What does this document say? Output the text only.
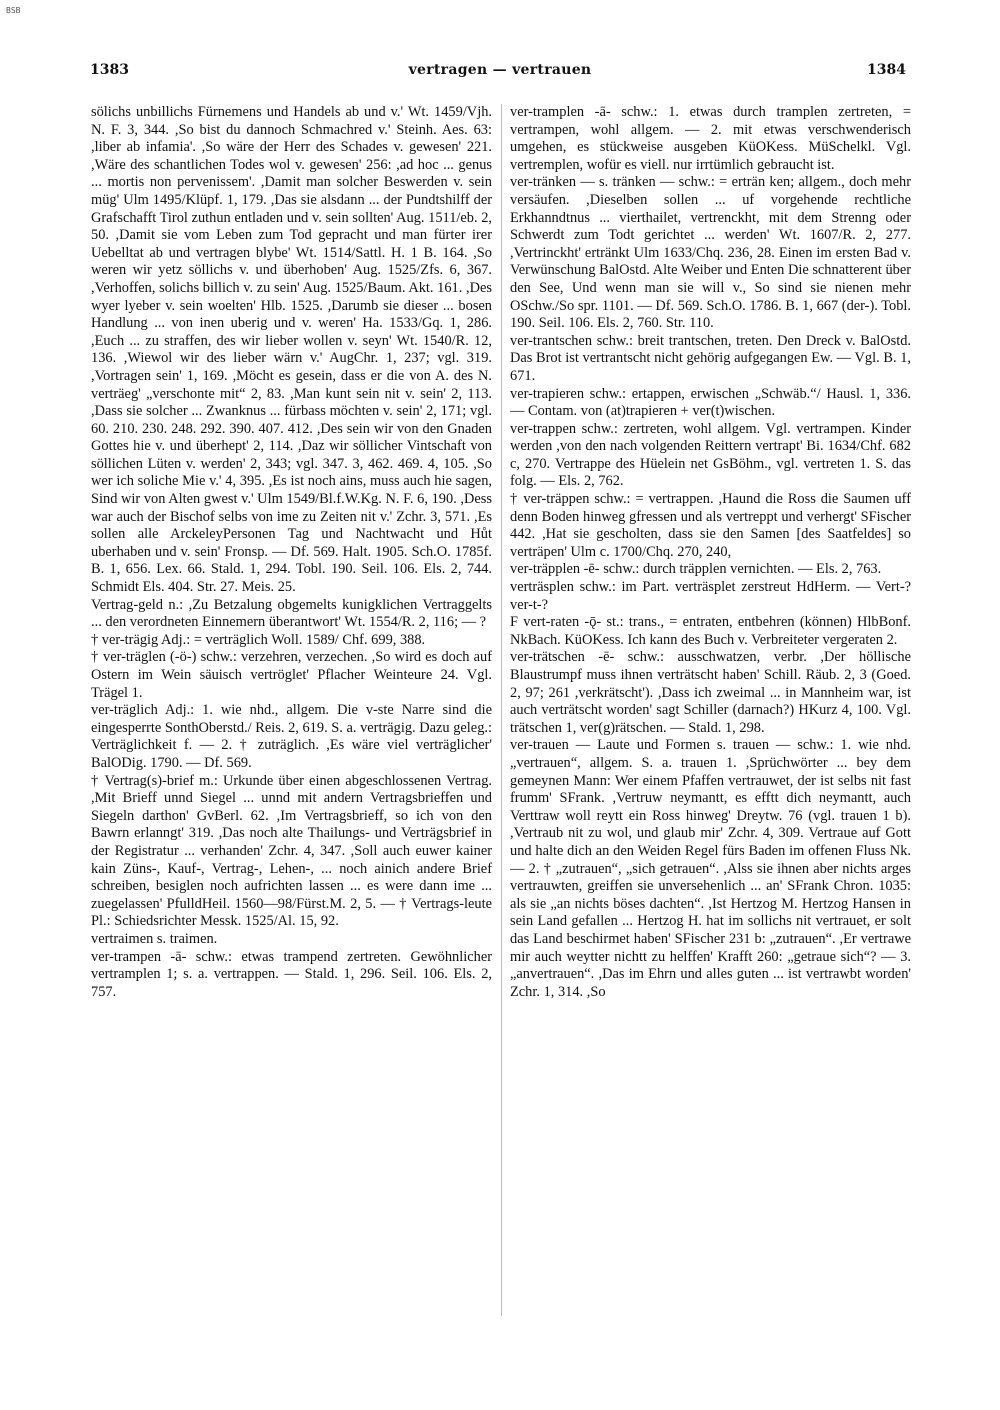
BSB
1383	vertragen — vertrauen	1384

sölichs unbillichs Fürnemens und Handels ab und v.' Wt. 1459/Vjh. N. F. 3, 344. ,So bist du dannoch Schmachred v.' Steinh. Aes. 63: ,liber ab infamia'. ,So wäre der Herr des Schades v. gewesen' 221. ,Wäre des schantlichen Todes wol v. gewesen' 256: ,ad hoc ... genus ... mortis non pervenissem'. ,Damit man solcher Beswerden v. sein müg' Ulm 1495/Klüpf. 1, 179. ,Das sie alsdann ... der Pundtshilff der Grafschafft Tirol zuthun entladen und v. sein sollten' Aug. 1511/eb. 2, 50. ,Damit sie vom Leben zum Tod gepracht und man fürter irer Uebelltat ab und vertragen blybe' Wt. 1514/Sattl. H. 1 B. 164. ,So weren wir yetz söllichs v. und überhoben' Aug. 1525/Zfs. 6, 367. ,Verhoffen, solichs billich v. zu sein' Aug. 1525/Baum. Akt. 161. ,Des wyer lyeber v. sein woelten' Hlb. 1525. ,Darumb sie dieser ... bosen Handlung ... von inen uberig und v. weren' Ha. 1533/Gq. 1, 286. ,Euch ... zu straffen, des wir lieber wollen v. seyn' Wt. 1540/R. 12, 136. ,Wiewol wir des lieber wärn v.' AugChr. 1, 237; vgl. 319. ,Vortragen sein' 1, 169. ,Möcht es gesein, dass er die von A. des N. verträeg' „verschonte mit“ 2, 83. ,Man kunt sein nit v. sein' 2, 113. ,Dass sie solcher ... Zwanknus ... fürbass möchten v. sein' 2, 171; vgl. 60. 210. 230. 248. 292. 390. 407. 412. ,Des sein wir von den Gnaden Gottes hie v. und überhept' 2, 114. ,Daz wir söllicher Vintschaft von söllichen Lüten v. werden' 2, 343; vgl. 347. 3, 462. 469. 4, 105. ,So wer ich soliche Mie v.' 4, 395. ,Es ist noch ains, muss auch hie sagen, Sind wir von Alten gwest v.' Ulm 1549/Bl.f.W.Kg. N. F. 6, 190. ,Dess war auch der Bischof selbs von ime zu Zeiten nit v.' Zchr. 3, 571. ,Es sollen alle ArckeleyPersonen Tag und Nachtwacht und Hůt uberhaben und v. sein' Fronsp. — Df. 569. Halt. 1905. Sch.O. 1785f. B. 1, 656. Lex. 66. Stald. 1, 294. Tobl. 190. Seil. 106. Els. 2, 744. Schmidt Els. 404. Str. 27. Meis. 25.

Vertrag-geld n.: ,Zu Betzalung obgemelts kunigklichen Vertraggelts ... den verordneten Einnemern überantwort' Wt. 1554/R. 2, 116; — ?

† ver-trägig Adj.: = verträglich Woll. 1589/ Chf. 699, 388.

† ver-träglen (-ö-) schw.: verzehren, verzechen. ,So wird es doch auf Ostern im Wein säuisch vertröglet' Pflacher Weinteure 24. Vgl. Trägel 1.

ver-träglich Adj.: 1. wie nhd., allgem. Die v-ste Narre sind die eingesperrte SonthOberstd./ Reis. 2, 619. S. a. verträgig. Dazu geleg.: Verträglichkeit f. — 2. † zuträglich. ,Es wäre viel verträglicher' BalODig. 1790. — Df. 569.

† Vertrag(s)-brief m.: Urkunde über einen abgeschlossenen Vertrag. ,Mit Brieff unnd Siegel ... unnd mit andern Vertragsbrieffen und Siegeln darthon' GvBerl. 62. ,Im Vertragsbrieff, so ich von den Bawrn erlanngt' 319. ,Das noch alte Thailungs- und Verträgsbrief in der Registratur ... verhanden' Zchr. 4, 347. ,Soll auch euwer kainer kain Züns-, Kauf-, Vertrag-, Lehen-, ... noch ainich andere Brief schreiben, besiglen noch aufrichten lassen ... es were dann ime ... zuegelassen' PfulldHeil. 1560—98/Fürst.M. 2, 5. — † Vertrags-leute Pl.: Schiedsrichter Messk. 1525/Al. 15, 92.

vertraimen s. traimen.

ver-trampen -ā- schw.: etwas trampend zertreten. Gewöhnlicher vertramplen 1; s. a. vertrappen. — Stald. 1, 296. Seil. 106. Els. 2, 757.

ver-tramplen -ā- schw.: 1. etwas durch tramplen zertreten, = vertrampen, wohl allgem. — 2. mit etwas verschwenderisch umgehen, es stückweise ausgeben KüOKess. MüSchelkl. Vgl. vertremplen, wofür es viell. nur irrtümlich gebraucht ist.

ver-tränken — s. tränken — schw.: = erträn ken; allgem., doch mehr versäufen. ,Dieselben sollen ... uf vorgehende rechtliche Erkhanndtnus ... vierthailet, vertrenckht, mit dem Strenng oder Schwerdt zum Todt gerichtet ... werden' Wt. 1607/R. 2, 277. ,Vertrinckht' ertränkt Ulm 1633/Chq. 236, 28. Einen im ersten Bad v. Verwünschung BalOstd. Alte Weiber und Enten Die schnatterent über den See, Und wenn man sie will v., So sind sie nienen mehr OSchw./So spr. 1101. — Df. 569. Sch.O. 1786. B. 1, 667 (der-). Tobl. 190. Seil. 106. Els. 2, 760. Str. 110.

ver-trantschen schw.: breit trantschen, treten. Den Dreck v. BalOstd. Das Brot ist vertrantscht nicht gehörig aufgegangen Ew. — Vgl. B. 1, 671.

ver-trapieren schw.: ertappen, erwischen „Schwäb.“/ Hausl. 1, 336. — Contam. von (at)trapieren + ver(t)wischen.

ver-trappen schw.: zertreten, wohl allgem. Vgl. vertrampen. Kinder werden ,von den nach volgenden Reittern vertrapt' Bi. 1634/Chf. 682 c, 270. Vertrappe des Hüelein net GsBöhm., vgl. vertreten 1. S. das folg. — Els. 2, 762.

† ver-träppen schw.: = vertrappen. ,Haund die Ross die Saumen uff denn Boden hinweg gfressen und als vertreppt und verhergt' SFischer 442. ,Hat sie gescholten, dass sie den Samen [des Saatfeldes] so verträpen' Ulm c. 1700/Chq. 270, 240,

ver-träpplen -ē- schw.: durch träpplen vernichten. — Els. 2, 763.

verträsplen schw.: im Part. verträsplet zerstreut HdHerm. — Vert-? ver-t-?

F vert-raten -ǭ- st.: trans., = entraten, entbehren (können) HlbBonf. NkBach. KüOKess. Ich kann des Buch v. Verbreiteter vergeraten 2.

ver-trätschen -ē- schw.: ausschwatzen, verbr. ,Der höllische Blaustrumpf muss ihnen verträtscht haben' Schill. Räub. 2, 3 (Goed. 2, 97; 261 ,verkrätscht'). ,Dass ich zweimal ... in Mannheim war, ist auch verträtscht worden' sagt Schiller (darnach?) HKurz 4, 100. Vgl. trätschen 1, ver(g)rätschen. — Stald. 1, 298.

ver-trauen — Laute und Formen s. trauen — schw.: 1. wie nhd. „vertrauen“, allgem. S. a. trauen 1. ,Sprüchwörter ... bey dem gemeynen Mann: Wer einem Pfaffen vertrauwet, der ist selbs nit fast frumm' SFrank. ,Vertruw neymantt, es efftt dich neymantt, auch Verttraw woll reytt ein Ross hinweg' Dreytw. 76 (vgl. trauen 1 b). ,Vertraub nit zu wol, und glaub mir' Zchr. 4, 309. Vertraue auf Gott und halte dich an den Weiden Regel fürs Baden im offenen Fluss Nk. — 2. † „zutrauen“, „sich getrauen“. ,Alss sie ihnen aber nichts arges vertrauwten, greiffen sie unversehenlich ... an' SFrank Chron. 1035: als sie „an nichts böses dachten“. ,Ist Hertzog M. Hertzog Hansen in sein Land gefallen ... Hertzog H. hat im sollichs nit vertrauet, er solt das Land beschirmet haben' SFischer 231 b: „zutrauen“. ,Er vertrawe mir auch weytter nichtt zu helffen' Krafft 260: „getraue sich“? — 3. „anvertrauen“. ,Das im Ehrn und alles guten ... ist vertrawbt worden' Zchr. 1, 314. ,So
